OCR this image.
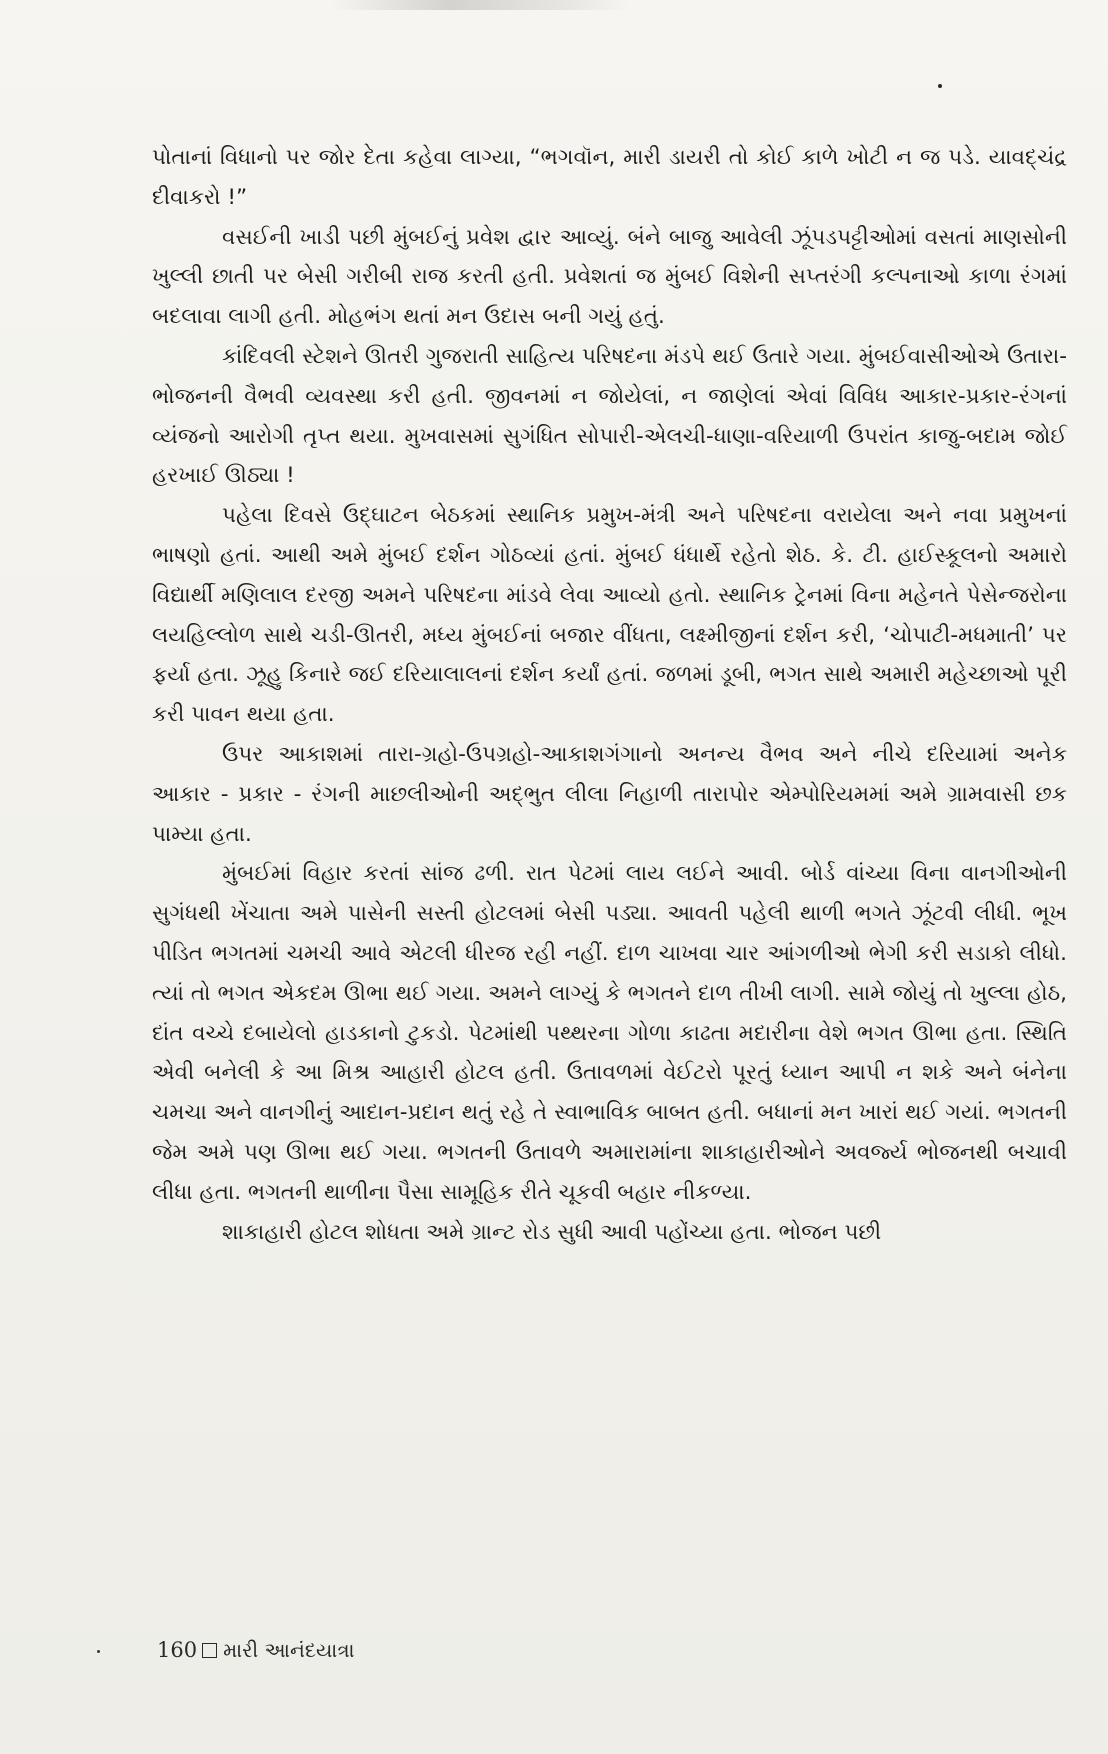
પોતાનાં વિધાનો પર જોર દેતા કહેવા લાગ્યા, “ભગવૉન, મારી ડાયરી તો કોઈ કાળે ખોટી ન જ પડે. યાવદ્‌ચંદ્ર દીવાકરો !”

વસઈની ખાડી પછી મુંબઈનું પ્રવેશ દ્વાર આવ્યું. બંને બાજુ આવેલી ઝૂંપડપટ્ટીઓમાં વસતાં માણસોની ખુલ્લી છાતી પર બેસી ગરીબી રાજ કરતી હતી. પ્રવેશતાં જ મુંબઈ વિશેની સપ્તરંગી કલ્પનાઓ કાળા રંગમાં બદલાવા લાગી હતી. મોહભંગ થતાં મન ઉદાસ બની ગયું હતું.

કાંદિવલી સ્ટેશને ઊતરી ગુજરાતી સાહિત્ય પરિષદના મંડપે થઈ ઉતારે ગયા. મુંબઈવાસીઓએ ઉતારા-ભોજનની વૈભવી વ્યવસ્થા કરી હતી. જીવનમાં ન જોયેલાં, ન જાણેલાં એવાં વિવિધ આકાર-પ્રકાર-રંગનાં વ્યંજનો આરોગી તૃપ્ત થયા. મુખવાસમાં સુગંધિત સોપારી-એલચી-ધાણા-વરિયાળી ઉપરાંત કાજુ-બદામ જોઈ હરખાઈ ઊઠ્યા !

પહેલા દિવસે ઉદ્‌ઘાટન બેઠકમાં સ્થાનિક પ્રમુખ-મંત્રી અને પરિષદના વરાયેલા અને નવા પ્રમુખનાં ભાષણો હતાં. આથી અમે મુંબઈ દર્શન ગોઠવ્યાં હતાં. મુંબઈ ધંધાર્થે રહેતો શેઠ. કે. ટી. હાઈસ્કૂલનો અમારો વિદ્યાર્થી મણિલાલ દરજી અમને પરિષદના માંડવે લેવા આવ્યો હતો. સ્થાનિક ટ્રેનમાં વિના મહેનતે પેસેન્જરોના લયહિલ્લોળ સાથે ચડી-ઊતરી, મધ્ય મુંબઈનાં બજાર વીંધતા, લક્ષ્મીજીનાં દર્શન કરી, ‘ચોપાટી-મધમાતી’ પર ફર્યા હતા. ઝૂહુ કિનારે જઈ દરિયાલાલનાં દર્શન કર્યાં હતાં. જળમાં ડૂબી, ભગત સાથે અમારી મહેચ્છાઓ પૂરી કરી પાવન થયા હતા.

ઉપર આકાશમાં તારા-ગ્રહો-ઉપગ્રહો-આકાશગંગાનો અનન્ય વૈભવ અને નીચે દરિયામાં અનેક આકાર - પ્રકાર - રંગની માછલીઓની અદ્‌ભુત લીલા નિહાળી તારાપોર એમ્પોરિયમમાં અમે ગ્રામવાસી છક પામ્યા હતા.

મુંબઈમાં વિહાર કરતાં સાંજ ઢળી. રાત પેટમાં લાય લઈને આવી. બોર્ડ વાંચ્યા વિના વાનગીઓની સુગંધથી ખેંચાતા અમે પાસેની સસ્તી હોટલમાં બેસી પડ્યા. આવતી પહેલી થાળી ભગતે ઝૂંટવી લીધી. ભૂખ પીડિત ભગતમાં ચમચી આવે એટલી ધીરજ રહી નહીં. દાળ ચાખવા ચાર આંગળીઓ ભેગી કરી સડાકો લીધો. ત્યાં તો ભગત એકદમ ઊભા થઈ ગયા. અમને લાગ્યું કે ભગતને દાળ તીખી લાગી. સામે જોયું તો ખુલ્લા હોઠ, દાંત વચ્ચે દબાયેલો હાડકાનો ટુકડો. પેટમાંથી પથ્થરના ગોળા કાઢતા મદારીના વેશે ભગત ઊભા હતા. સ્થિતિ એવી બનેલી કે આ મિશ્ર આહારી હોટલ હતી. ઉતાવળમાં વેઈટરો પૂરતું ધ્યાન આપી ન શકે અને બંનેના ચમચા અને વાનગીનું આદાન-પ્રદાન થતું રહે તે સ્વાભાવિક બાબત હતી. બધાનાં મન ખારાં થઈ ગયાં. ભગતની જેમ અમે પણ ઊભા થઈ ગયા. ભગતની ઉતાવળે અમારામાંના શાકાહારીઓને અવર્જ્ય ભોજનથી બચાવી લીધા હતા. ભગતની થાળીના પૈસા સામૂહિક રીતે ચૂકવી બહાર નીકળ્યા.

શાકાહારી હોટલ શોધતા અમે ગ્રાન્ટ રોડ સુધી આવી પહોંચ્યા હતા. ભોજન પછી

160 મારી આનંદયાત્રા
